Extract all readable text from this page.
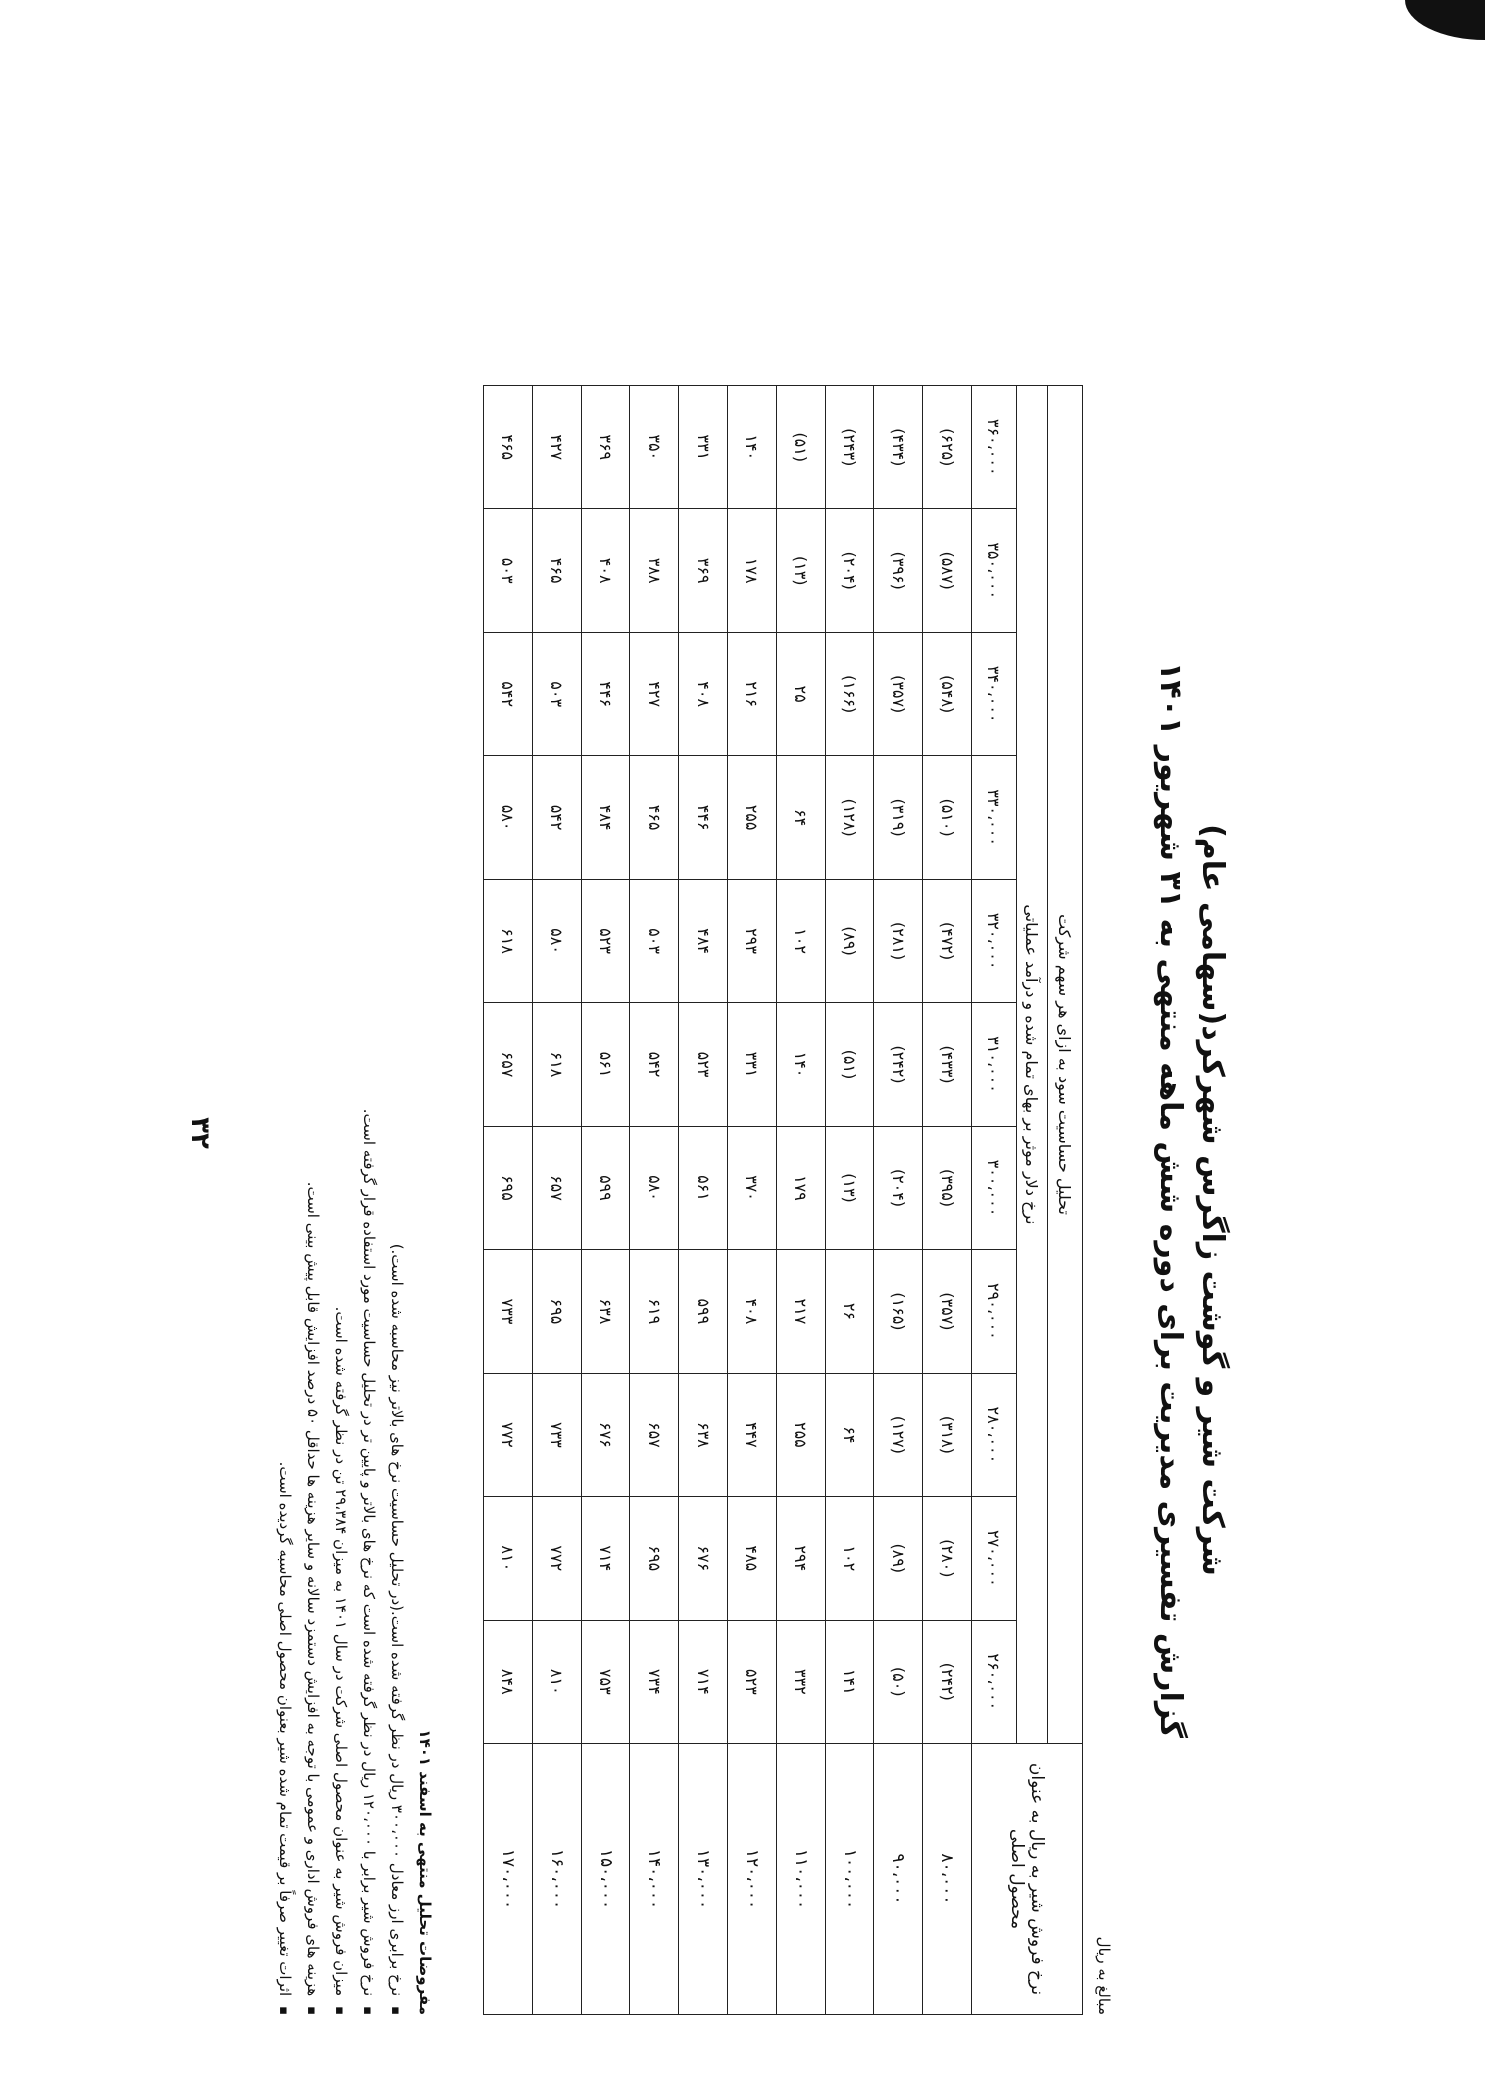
شرکت شیر و گوشت زاگرس شهرکرد(سهامی عام)
گزارش تفسیری مدیریت برای دوره شش ماهه منتهی به ۳۱ شهریور ۱۴۰۱
مبالغ به ریال
نرخ فروش شیر به ریال به عنوان محصول اصلی	تحلیل حساسیت سود به ازای هر سهم شرکت										
	نرخ دلار موثر بر بهای تمام شده و درآمد عملیاتی										
	۲۶۰،۰۰۰	۲۷۰،۰۰۰	۲۸۰،۰۰۰	۲۹۰،۰۰۰	۳۰۰،۰۰۰	۳۱۰،۰۰۰	۳۲۰،۰۰۰	۳۳۰،۰۰۰	۳۴۰،۰۰۰	۳۵۰،۰۰۰	۳۶۰،۰۰۰
۸۰،۰۰۰	(۲۴۲)	(۲۸۰)	(۳۱۸)	(۳۵۷)	(۳۹۵)	(۴۳۳)	(۴۷۲)	(۵۱۰)	(۵۴۸)	(۵۸۷)	(۶۲۵)
۹۰،۰۰۰	(۵۰)	(۸۹)	(۱۲۷)	(۱۶۵)	(۲۰۴)	(۲۴۲)	(۲۸۱)	(۳۱۹)	(۳۵۷)	(۳۹۶)	(۴۳۴)
۱۰۰،۰۰۰	۱۴۱	۱۰۲	۶۴	۲۶	(۱۳)	(۵۱)	(۸۹)	(۱۲۸)	(۱۶۶)	(۲۰۴)	(۲۴۳)
۱۱۰،۰۰۰	۳۳۲	۲۹۴	۲۵۵	۲۱۷	۱۷۹	۱۴۰	۱۰۲	۶۴	۲۵	(۱۳)	(۵۱)
۱۲۰،۰۰۰	۵۲۳	۴۸۵	۴۴۷	۴۰۸	۳۷۰	۳۳۱	۲۹۳	۲۵۵	۲۱۶	۱۷۸	۱۴۰
۱۳۰،۰۰۰	۷۱۴	۶۷۶	۶۳۸	۵۹۹	۵۶۱	۵۲۳	۴۸۴	۴۴۶	۴۰۸	۳۶۹	۳۳۱
۱۴۰،۰۰۰	۷۳۴	۶۹۵	۶۵۷	۶۱۹	۵۸۰	۵۴۲	۵۰۳	۴۶۵	۴۲۷	۳۸۸	۳۵۰
۱۵۰،۰۰۰	۷۵۳	۷۱۴	۶۷۶	۶۳۸	۵۹۹	۵۶۱	۵۲۳	۴۸۴	۴۴۶	۴۰۸	۳۶۹
۱۶۰،۰۰۰	۸۱۰	۷۷۲	۷۳۳	۶۹۵	۶۵۷	۶۱۸	۵۸۰	۵۴۲	۵۰۳	۴۶۵	۴۲۷
۱۷۰،۰۰۰	۸۴۸	۸۱۰	۷۷۲	۷۳۳	۶۹۵	۶۵۷	۶۱۸	۵۸۰	۵۴۲	۵۰۳	۴۶۵
مفروضات تحلیل منتهی به اسفند ۱۴۰۱
▪ نرخ برابری ارز معادل ۳۰۰،۰۰۰ ریال در نظر گرفته شده است.(در تحلیل حساسیت نرخ های بالاتر نیز محاسبه شده است.)
▪ نرخ فروش شیر برابر با ۱۲۰،۰۰۰ ریال در نظر گرفته شده است که نرخ های بالاتر و پایین تر در تحلیل حساسیت مورد استفاده قرار گرفته است.
▪ میزان فروش شیر به عنوان محصول اصلی شرکت در سال ۱۴۰۱ به میزان ۲۹،۳۸۴ تن در نظر گرفته شده است.
▪ هزینه های فروش اداری و عمومی با توجه به افزایش دستمزد سالانه و سایر هزینه ها حداقل ۵۰ درصد افزایش قابل پیش بینی است.
▪ اثرات تغییر صرفاً بر قیمت تمام شده شیر بعنوان محصول اصلی محاسبه گردیده است.
۳۲
